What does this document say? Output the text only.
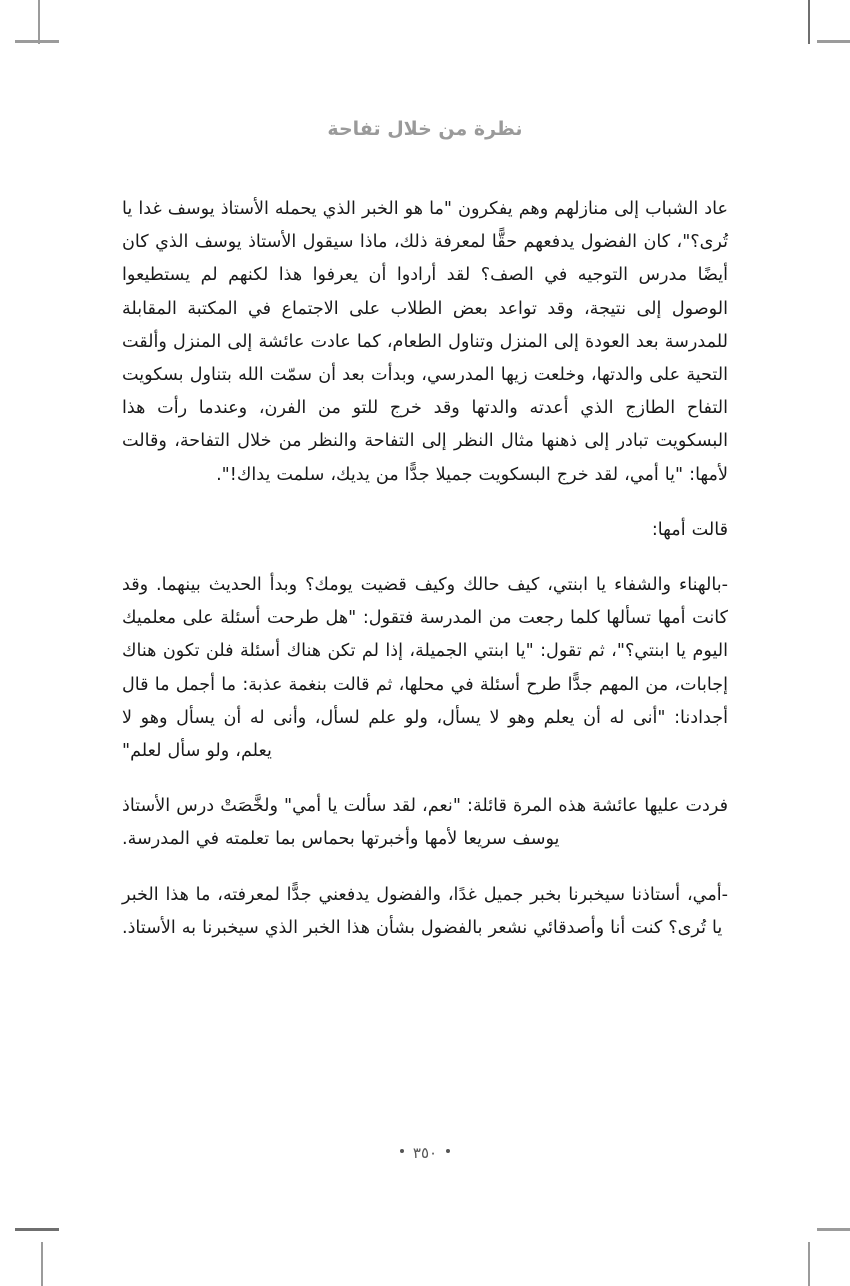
نظرة من خلال تفاحة

عاد الشباب إلى منازلهم وهم يفكرون "ما هو الخبر الذي يحمله الأستاذ يوسف غدا يا تُرى؟"، كان الفضول يدفعهم حقًّا لمعرفة ذلك، ماذا سيقول الأستاذ يوسف الذي كان أيضًا مدرس التوجيه في الصف؟ لقد أرادوا أن يعرفوا هذا لكنهم لم يستطيعوا الوصول إلى نتيجة، وقد تواعد بعض الطلاب على الاجتماع في المكتبة المقابلة للمدرسة بعد العودة إلى المنزل وتناول الطعام، كما عادت عائشة إلى المنزل وألقت التحية على والدتها، وخلعت زيها المدرسي، وبدأت بعد أن سمّت الله بتناول بسكويت التفاح الطازج الذي أعدته والدتها وقد خرج للتو من الفرن، وعندما رأت هذا البسكويت تبادر إلى ذهنها مثال النظر إلى التفاحة والنظر من خلال التفاحة، وقالت لأمها: "يا أمي، لقد خرج البسكويت جميلا جدًّا من يديك، سلمت يداك!".

قالت أمها:

-بالهناء والشفاء يا ابنتي، كيف حالك وكيف قضيت يومك؟ وبدأ الحديث بينهما. وقد كانت أمها تسألها كلما رجعت من المدرسة فتقول: "هل طرحت أسئلة على معلميك اليوم يا ابنتي؟"، ثم تقول: "يا ابنتي الجميلة، إذا لم تكن هناك أسئلة فلن تكون هناك إجابات، من المهم جدًّا طرح أسئلة في محلها، ثم قالت بنغمة عذبة: ما أجمل ما قال أجدادنا: "أنى له أن يعلم وهو لا يسأل، ولو علم لسأل، وأنى له أن يسأل وهو لا يعلم، ولو سأل لعلم"

فردت عليها عائشة هذه المرة قائلة: "نعم، لقد سألت يا أمي" ولخَّصَتْ درس الأستاذ يوسف سريعا لأمها وأخبرتها بحماس بما تعلمته في المدرسة.

-أمي، أستاذنا سيخبرنا بخبر جميل غدًا، والفضول يدفعني جدًّا لمعرفته، ما هذا الخبر يا تُرى؟ كنت أنا وأصدقائي نشعر بالفضول بشأن هذا الخبر الذي سيخبرنا به الأستاذ.

٣٥٠
